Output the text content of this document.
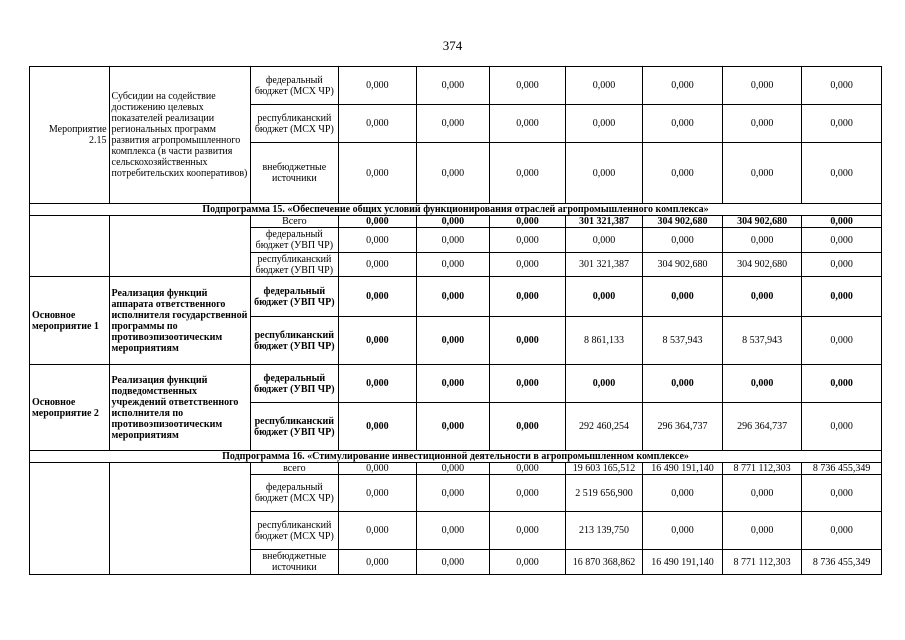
374
Мероприятие 2.15	Субсидии на содействие достижению целевых показателей реализации региональных программ развития агропромышленного комплекса (в части развития сельскохозяйственных потребительских кооперативов)	федеральный бюджет (МСХ ЧР)	0,000	0,000	0,000	0,000	0,000	0,000	0,000
		республиканский бюджет (МСХ ЧР)	0,000	0,000	0,000	0,000	0,000	0,000	0,000
		внебюджетные источники	0,000	0,000	0,000	0,000	0,000	0,000	0,000
Подпрограмма 15. «Обеспечение общих условий функционирования отраслей агропромышленного комплекса»									
		Всего	0,000	0,000	0,000	301 321,387	304 902,680	304 902,680	0,000
		федеральный бюджет (УВП ЧР)	0,000	0,000	0,000	0,000	0,000	0,000	0,000
		республиканский бюджет (УВП ЧР)	0,000	0,000	0,000	301 321,387	304 902,680	304 902,680	0,000
Основное мероприятие 1	Реализация функций аппарата ответственного исполнителя государственной программы по противоэпизоотическим мероприятиям	федеральный бюджет (УВП ЧР)	0,000	0,000	0,000	0,000	0,000	0,000	0,000
		республиканский бюджет (УВП ЧР)	0,000	0,000	0,000	8 861,133	8 537,943	8 537,943	0,000
Основное мероприятие 2	Реализация функций подведомственных учреждений ответственного исполнителя по противоэпизоотическим мероприятиям	федеральный бюджет (УВП ЧР)	0,000	0,000	0,000	0,000	0,000	0,000	0,000
		республиканский бюджет (УВП ЧР)	0,000	0,000	0,000	292 460,254	296 364,737	296 364,737	0,000
Подпрограмма 16. «Стимулирование инвестиционной деятельности в агропромышленном комплексе»									
		всего	0,000	0,000	0,000	19 603 165,512	16 490 191,140	8 771 112,303	8 736 455,349
		федеральный бюджет (МСХ ЧР)	0,000	0,000	0,000	2 519 656,900	0,000	0,000	0,000
		республиканский бюджет (МСХ ЧР)	0,000	0,000	0,000	213 139,750	0,000	0,000	0,000
		внебюджетные источники	0,000	0,000	0,000	16 870 368,862	16 490 191,140	8 771 112,303	8 736 455,349
